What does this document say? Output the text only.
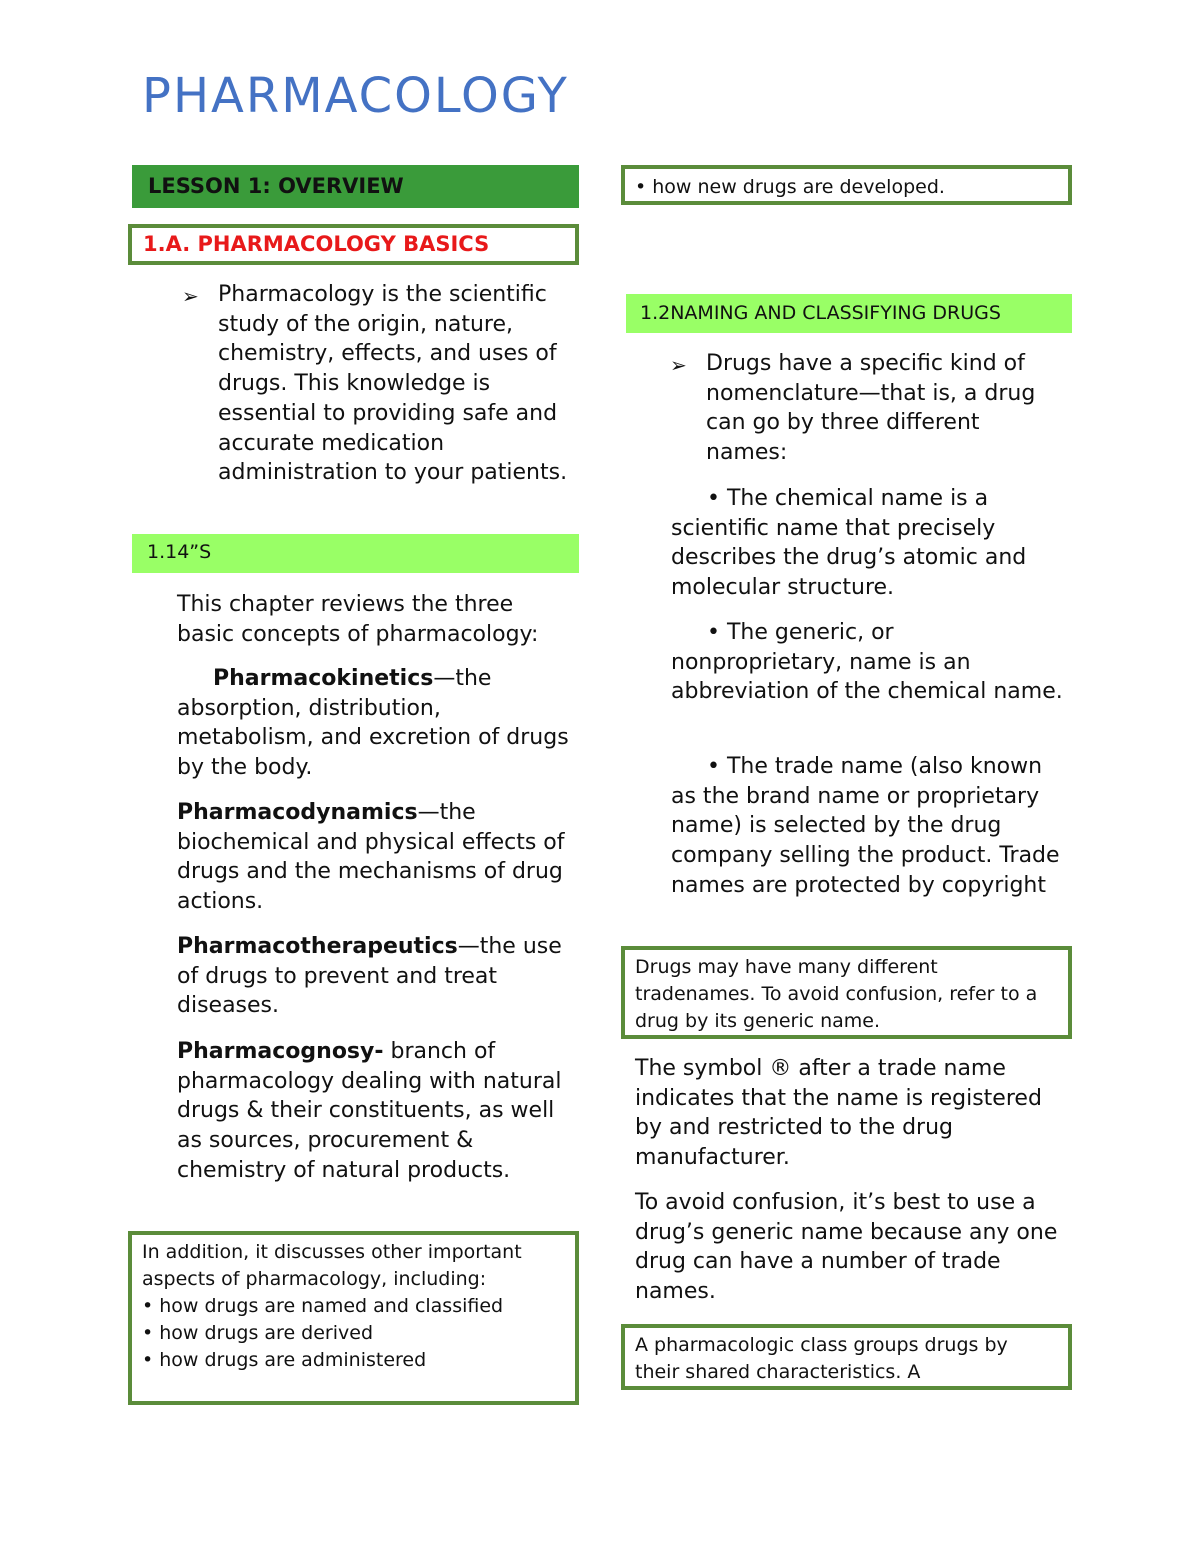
PHARMACOLOGY
LESSON 1: OVERVIEW
1.A. PHARMACOLOGY BASICS
➢ Pharmacology is the scientific study of the origin, nature, chemistry, effects, and uses of drugs. This knowledge is essential to providing safe and accurate medication administration to your patients.

1.14”S

This chapter reviews the three basic concepts of pharmacology:

Pharmacokinetics—the absorption, distribution, metabolism, and excretion of drugs by the body.

Pharmacodynamics—the biochemical and physical effects of drugs and the mechanisms of drug actions.

Pharmacotherapeutics—the use of drugs to prevent and treat diseases.

Pharmacognosy- branch of pharmacology dealing with natural drugs & their constituents, as well as sources, procurement & chemistry of natural products.

In addition, it discusses other important aspects of pharmacology, including:
• how drugs are named and classified
• how drugs are derived
• how drugs are administered
• how new drugs are developed.
1.2NAMING AND CLASSIFYING DRUGS
➢ Drugs have a specific kind of nomenclature—that is, a drug can go by three different names:

• The chemical name is a scientific name that precisely describes the drug’s atomic and molecular structure.

• The generic, or nonproprietary, name is an abbreviation of the chemical name.

• The trade name (also known as the brand name or proprietary name) is selected by the drug company selling the product. Trade names are protected by copyright

Drugs may have many different tradenames. To avoid confusion, refer to a drug by its generic name.

The symbol ® after a trade name indicates that the name is registered by and restricted to the drug manufacturer.

To avoid confusion, it’s best to use a drug’s generic name because any one drug can have a number of trade names.

A pharmacologic class groups drugs by their shared characteristics. A
